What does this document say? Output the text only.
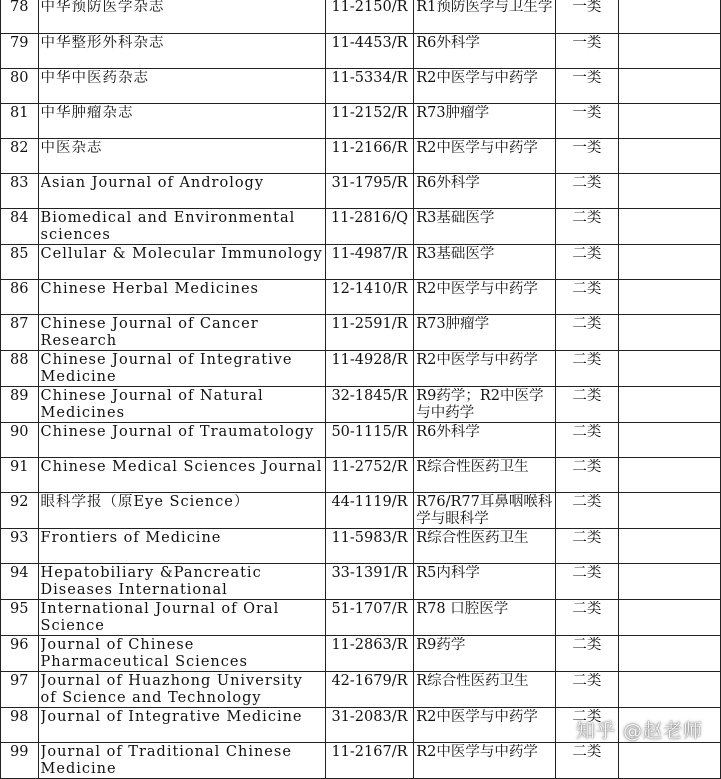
78	中华预防医学杂志	11-2150/R	R1预防医学与卫生学	一类	

79	中华整形外科杂志	11-4453/R	R6外科学	一类	

80	中华中医药杂志	11-5334/R	R2中医学与中药学	一类	

81	中华肿瘤杂志	11-2152/R	R73肿瘤学	一类	

82	中医杂志	11-2166/R	R2中医学与中药学	一类	

83	Asian Journal of Andrology	31-1795/R	R6外科学	二类	

84	Biomedical and Environmental sciences	11-2816/Q	R3基础医学	二类	

85	Cellular & Molecular Immunology	11-4987/R	R3基础医学	二类	

86	Chinese Herbal Medicines	12-1410/R	R2中医学与中药学	二类	

87	Chinese Journal of Cancer Research	11-2591/R	R73肿瘤学	二类	

88	Chinese Journal of Integrative Medicine	11-4928/R	R2中医学与中药学	二类	

89	Chinese Journal of Natural Medicines	32-1845/R	R9药学；R2中医学与中药学	二类	

90	Chinese Journal of Traumatology	50-1115/R	R6外科学	二类	

91	Chinese Medical Sciences Journal	11-2752/R	R综合性医药卫生	二类	

92	眼科学报（原Eye Science）	44-1119/R	R76/R77耳鼻咽喉科学与眼科学	二类	

93	Frontiers of Medicine	11-5983/R	R综合性医药卫生	二类	

94	Hepatobiliary &Pancreatic Diseases International	33-1391/R	R5内科学	二类	

95	International Journal of Oral Science	51-1707/R	R78 口腔医学	二类	

96	Journal of Chinese Pharmaceutical Sciences	11-2863/R	R9药学	二类	

97	Journal of Huazhong University of Science and Technology	42-1679/R	R综合性医药卫生	二类	

98	Journal of Integrative Medicine	31-2083/R	R2中医学与中药学	二类	

99	Journal of Traditional Chinese Medicine	11-2167/R	R2中医学与中药学	二类	

知乎 @赵老师
